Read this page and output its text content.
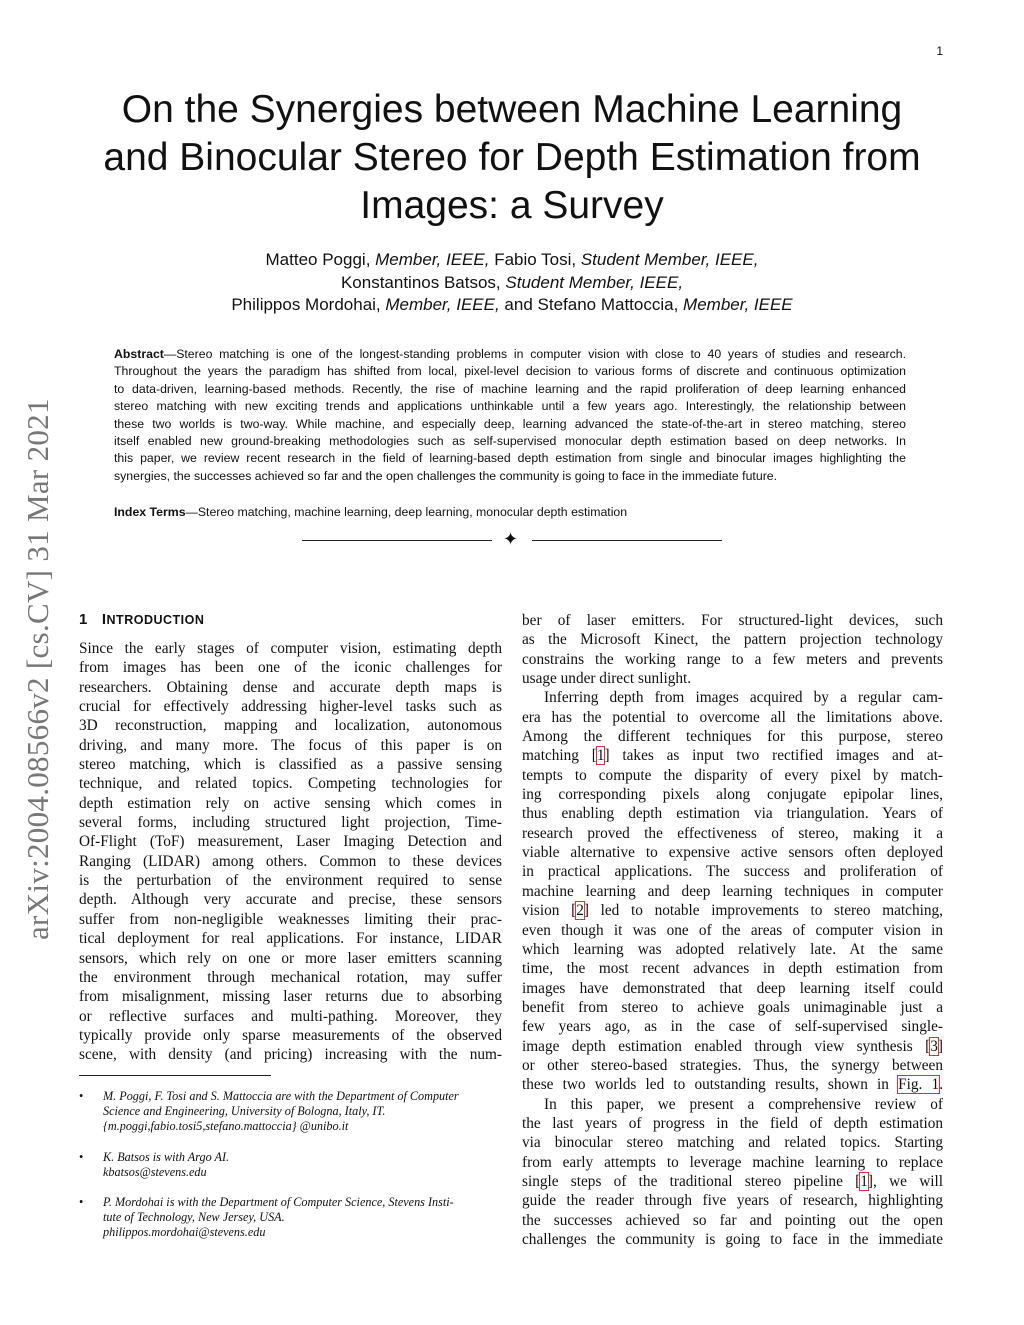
1
arXiv:2004.08566v2 [cs.CV] 31 Mar 2021
On the Synergies between Machine Learning
and Binocular Stereo for Depth Estimation from
Images: a Survey
Matteo Poggi, Member, IEEE, Fabio Tosi, Student Member, IEEE,
Konstantinos Batsos, Student Member, IEEE,
Philippos Mordohai, Member, IEEE, and Stefano Mattoccia, Member, IEEE
Abstract—Stereo matching is one of the longest-standing problems in computer vision with close to 40 years of studies and research.
Throughout the years the paradigm has shifted from local, pixel-level decision to various forms of discrete and continuous optimization
to data-driven, learning-based methods. Recently, the rise of machine learning and the rapid proliferation of deep learning enhanced
stereo matching with new exciting trends and applications unthinkable until a few years ago. Interestingly, the relationship between
these two worlds is two-way. While machine, and especially deep, learning advanced the state-of-the-art in stereo matching, stereo
itself enabled new ground-breaking methodologies such as self-supervised monocular depth estimation based on deep networks. In
this paper, we review recent research in the field of learning-based depth estimation from single and binocular images highlighting the
synergies, the successes achieved so far and the open challenges the community is going to face in the immediate future.
Index Terms—Stereo matching, machine learning, deep learning, monocular depth estimation
✦
1 INTRODUCTION
Since the early stages of computer vision, estimating depth
from images has been one of the iconic challenges for
researchers. Obtaining dense and accurate depth maps is
crucial for effectively addressing higher-level tasks such as
3D reconstruction, mapping and localization, autonomous
driving, and many more. The focus of this paper is on
stereo matching, which is classified as a passive sensing
technique, and related topics. Competing technologies for
depth estimation rely on active sensing which comes in
several forms, including structured light projection, Time-
Of-Flight (ToF) measurement, Laser Imaging Detection and
Ranging (LIDAR) among others. Common to these devices
is the perturbation of the environment required to sense
depth. Although very accurate and precise, these sensors
suffer from non-negligible weaknesses limiting their prac-
tical deployment for real applications. For instance, LIDAR
sensors, which rely on one or more laser emitters scanning
the environment through mechanical rotation, may suffer
from misalignment, missing laser returns due to absorbing
or reflective surfaces and multi-pathing. Moreover, they
typically provide only sparse measurements of the observed
scene, with density (and pricing) increasing with the num-
ber of laser emitters. For structured-light devices, such
as the Microsoft Kinect, the pattern projection technology
constrains the working range to a few meters and prevents
usage under direct sunlight.
Inferring depth from images acquired by a regular cam-
era has the potential to overcome all the limitations above.
Among the different techniques for this purpose, stereo
matching [1] takes as input two rectified images and at-
tempts to compute the disparity of every pixel by match-
ing corresponding pixels along conjugate epipolar lines,
thus enabling depth estimation via triangulation. Years of
research proved the effectiveness of stereo, making it a
viable alternative to expensive active sensors often deployed
in practical applications. The success and proliferation of
machine learning and deep learning techniques in computer
vision [2] led to notable improvements to stereo matching,
even though it was one of the areas of computer vision in
which learning was adopted relatively late. At the same
time, the most recent advances in depth estimation from
images have demonstrated that deep learning itself could
benefit from stereo to achieve goals unimaginable just a
few years ago, as in the case of self-supervised single-
image depth estimation enabled through view synthesis [3]
or other stereo-based strategies. Thus, the synergy between
these two worlds led to outstanding results, shown in Fig. 1.
In this paper, we present a comprehensive review of
the last years of progress in the field of depth estimation
via binocular stereo matching and related topics. Starting
from early attempts to leverage machine learning to replace
single steps of the traditional stereo pipeline [1], we will
guide the reader through five years of research, highlighting
the successes achieved so far and pointing out the open
challenges the community is going to face in the immediate
• M. Poggi, F. Tosi and S. Mattoccia are with the Department of Computer
Science and Engineering, University of Bologna, Italy, IT.
{m.poggi,fabio.tosi5,stefano.mattoccia} @unibo.it
• K. Batsos is with Argo AI.
kbatsos@stevens.edu
• P. Mordohai is with the Department of Computer Science, Stevens Insti-
tute of Technology, New Jersey, USA.
philippos.mordohai@stevens.edu
